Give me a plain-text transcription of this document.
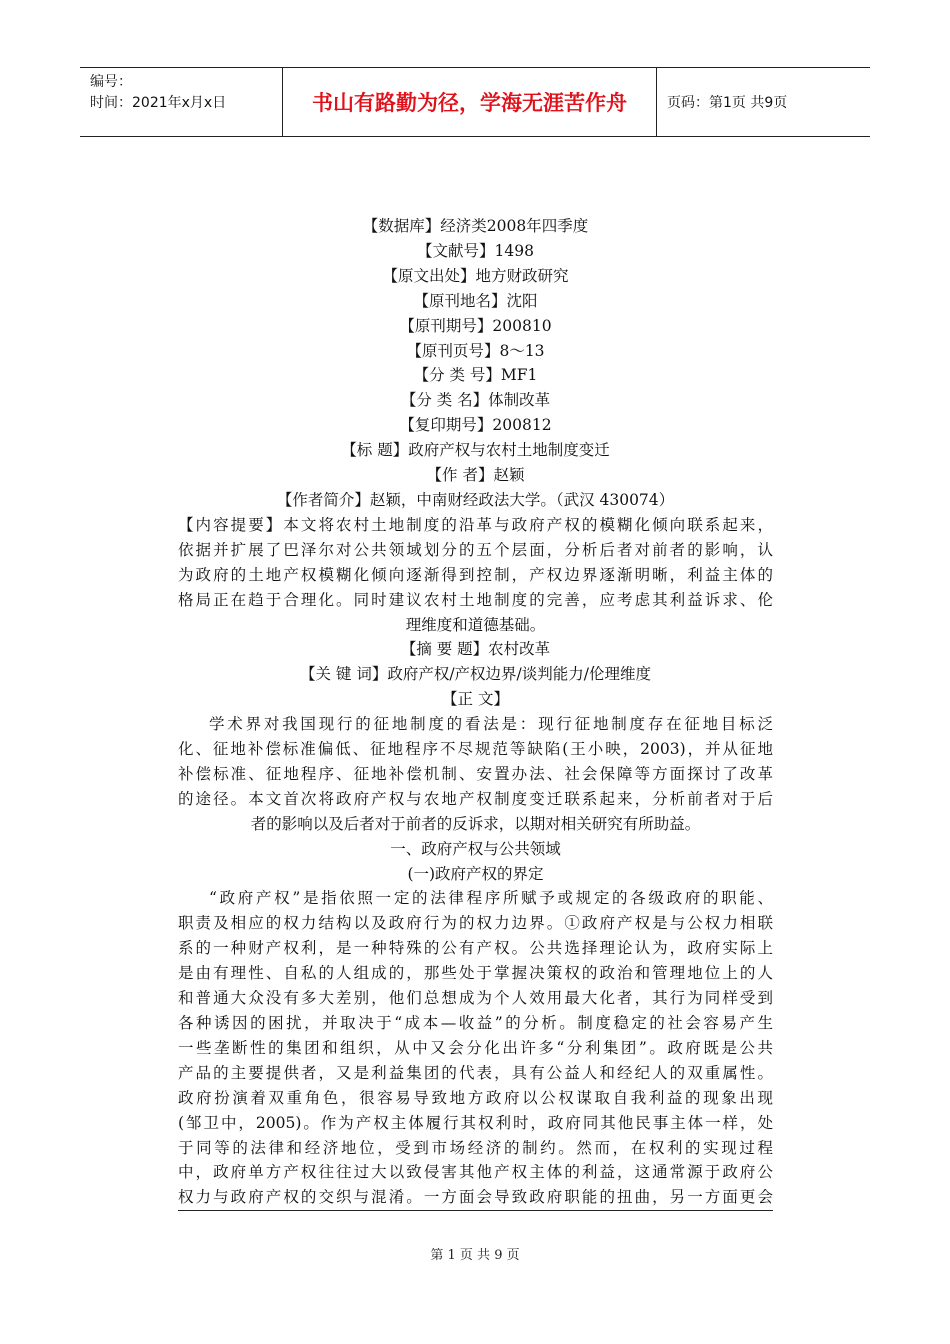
编号：
时间：2021年x月x日	书山有路勤为径，学海无涯苦作舟	页码：第1页 共9页
【数据库】经济类2008年四季度
【文献号】1498
【原文出处】地方财政研究
【原刊地名】沈阳
【原刊期号】200810
【原刊页号】8～13
【分 类 号】MF1
【分 类 名】体制改革
【复印期号】200812
【标 题】政府产权与农村土地制度变迁
【作 者】赵颖
【作者简介】赵颖，中南财经政法大学。（武汉 430074）
【内容提要】本文将农村土地制度的沿革与政府产权的模糊化倾向联系起来，
依据并扩展了巴泽尔对公共领域划分的五个层面，分析后者对前者的影响，认
为政府的土地产权模糊化倾向逐渐得到控制，产权边界逐渐明晰，利益主体的
格局正在趋于合理化。同时建议农村土地制度的完善，应考虑其利益诉求、伦
理维度和道德基础。
【摘 要 题】农村改革
【关 键 词】政府产权/产权边界/谈判能力/伦理维度
【正 文】
学术界对我国现行的征地制度的看法是：现行征地制度存在征地目标泛
化、征地补偿标准偏低、征地程序不尽规范等缺陷(王小映，2003)，并从征地
补偿标准、征地程序、征地补偿机制、安置办法、社会保障等方面探讨了改革
的途径。本文首次将政府产权与农地产权制度变迁联系起来，分析前者对于后
者的影响以及后者对于前者的反诉求，以期对相关研究有所助益。
一、政府产权与公共领域
(一)政府产权的界定
“政府产权”是指依照一定的法律程序所赋予或规定的各级政府的职能、
职责及相应的权力结构以及政府行为的权力边界。①政府产权是与公权力相联
系的一种财产权利，是一种特殊的公有产权。公共选择理论认为，政府实际上
是由有理性、自私的人组成的，那些处于掌握决策权的政治和管理地位上的人
和普通大众没有多大差别，他们总想成为个人效用最大化者，其行为同样受到
各种诱因的困扰，并取决于“成本—收益”的分析。制度稳定的社会容易产生
一些垄断性的集团和组织，从中又会分化出许多“分利集团”。政府既是公共
产品的主要提供者，又是利益集团的代表，具有公益人和经纪人的双重属性。
政府扮演着双重角色，很容易导致地方政府以公权谋取自我利益的现象出现
(邹卫中，2005)。作为产权主体履行其权利时，政府同其他民事主体一样，处
于同等的法律和经济地位，受到市场经济的制约。然而，在权利的实现过程
中，政府单方产权往往过大以致侵害其他产权主体的利益，这通常源于政府公
权力与政府产权的交织与混淆。一方面会导致政府职能的扭曲，另一方面更会
第 1 页 共 9 页
